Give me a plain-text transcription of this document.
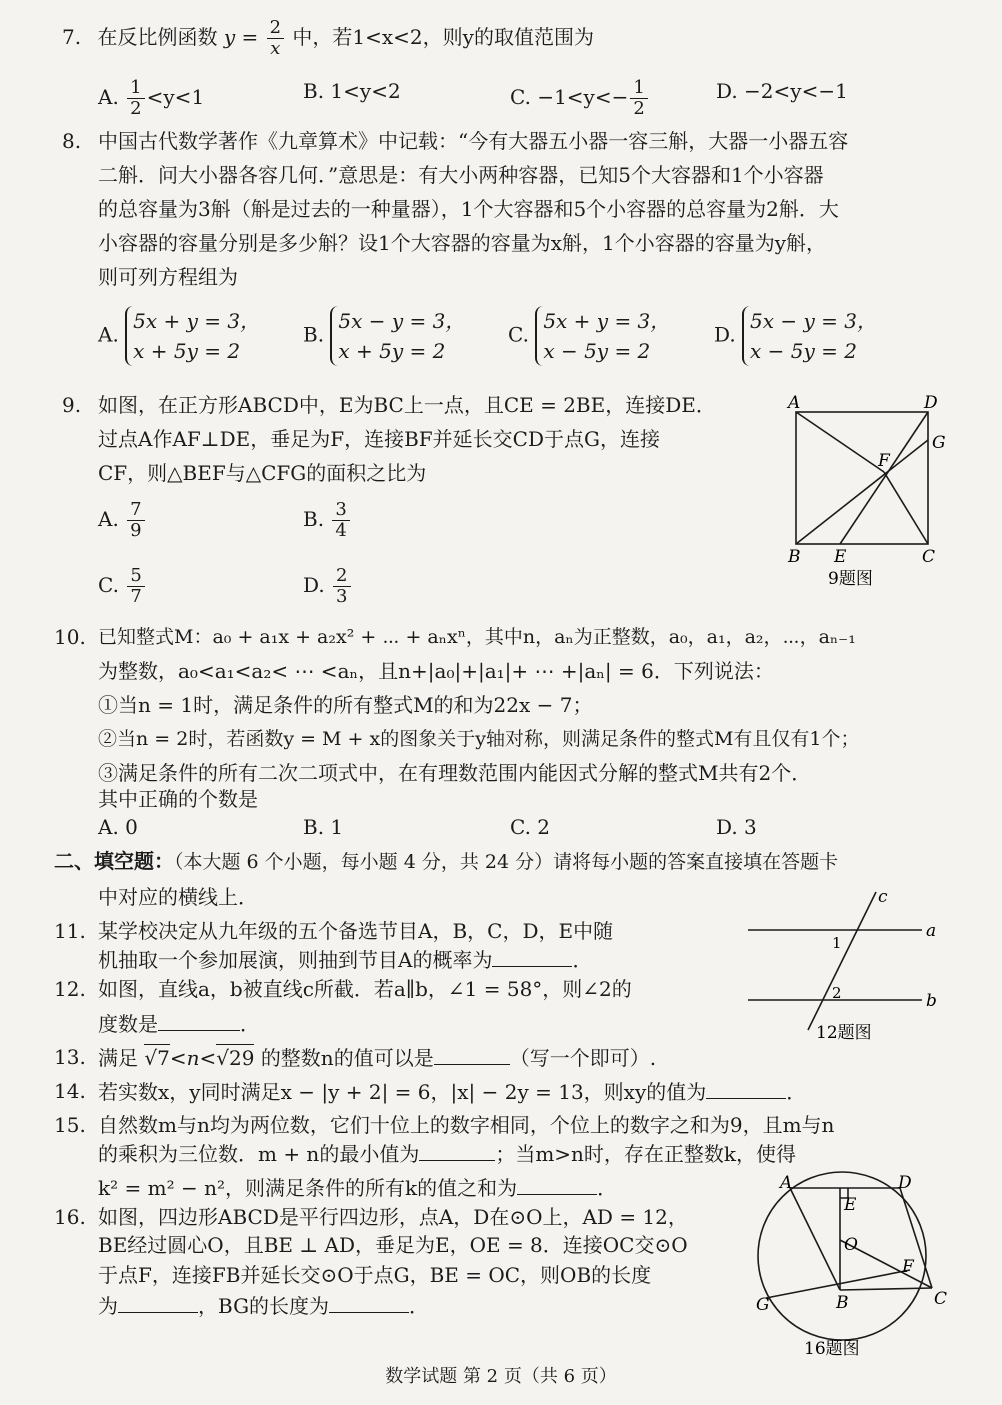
7. 在反比例函数 $y = \frac{2}{x}$ 中，若1<x<2，则y的取值范围为
A. $\frac{1}{2} <y<1$	B. 1<y<2	C. $-1<y<- \frac{1}{2}$	D. −2<y<−1
8. 中国古代数学著作《九章算术》中记载：“今有大器五小器一容三斛，大器一小器五容
二斛．问大小器各容几何．”意思是：有大小两种容器，已知5个大容器和1个小容器
的总容量为3斛（斛是过去的一种量器），1个大容器和5个小容器的总容量为2斛．大
小容器的容量分别是多少斛？设1个大容器的容量为x斛，1个小容器的容量为y斛，
则可列方程组为
A. 5x + y = 3，
x + 5y = 2
B. 5x − y = 3，
x + 5y = 2
C. 5x + y = 3，
x − 5y = 2
D. 5x − y = 3，
x − 5y = 2
9. 如图，在正方形ABCD中，E为BC上一点，且CE = 2BE，连接DE．
过点A作AF⊥DE，垂足为F，连接BF并延长交CD于点G，连接
CF，则△BEF与△CFG的面积之比为
A. $\frac{7}{9}$	B. $\frac{3}{4}$
C. $\frac{5}{7}$	D. $\frac{2}{3}$
A	D
G
F
B E	C
9题图
10. 已知整式M：a₀ + a₁x + a₂x² + ⋯ + aₙxⁿ，其中n，aₙ为正整数，a₀，a₁，a₂，⋯，aₙ₋₁
为整数，a₀<a₁<a₂< ⋯ <aₙ，且n+|a₀|+|a₁|+ ⋯ +|aₙ| = 6．下列说法：
①当n = 1时，满足条件的所有整式M的和为22x − 7；
②当n = 2时，若函数y = M + x的图象关于y轴对称，则满足条件的整式M有且仅有1个；
③满足条件的所有二次二项式中，在有理数范围内能因式分解的整式M共有2个．
其中正确的个数是
A. 0	B. 1	C. 2	D. 3
二、填空题：（本大题 6 个小题，每小题 4 分，共 24 分）请将每小题的答案直接填在答题卡
中对应的横线上．
11. 某学校决定从九年级的五个备选节目A，B，C，D，E中随
机抽取一个参加展演，则抽到节目A的概率为	．
12. 如图，直线a，b被直线c所截．若a∥b，∠1 = 58°，则∠2的
度数是	．
c
a
b
1
2
12题图
13. 满足 √7<n<√29 的整数n的值可以是	（写一个即可）.
14. 若实数x，y同时满足x − |y + 2| = 6，|x| − 2y = 13，则xy的值为	．
15. 自然数m与n均为两位数，它们十位上的数字相同，个位上的数字之和为9，且m与n
的乘积为三位数．m + n的最小值为	；当m>n时，存在正整数k，使得
k² = m² − n²，则满足条件的所有k的值之和为	．
16. 如图，四边形ABCD是平行四边形，点A，D在⊙O上，AD = 12，
BE经过圆心O，且BE ⊥ AD，垂足为E，OE = 8．连接OC交⊙O
于点F，连接FB并延长交⊙O于点G，BE = OC，则OB的长度
为	，BG的长度为	．
A	D
E
O
F
B	C
G
16题图
数学试题 第 2 页（共 6 页）
